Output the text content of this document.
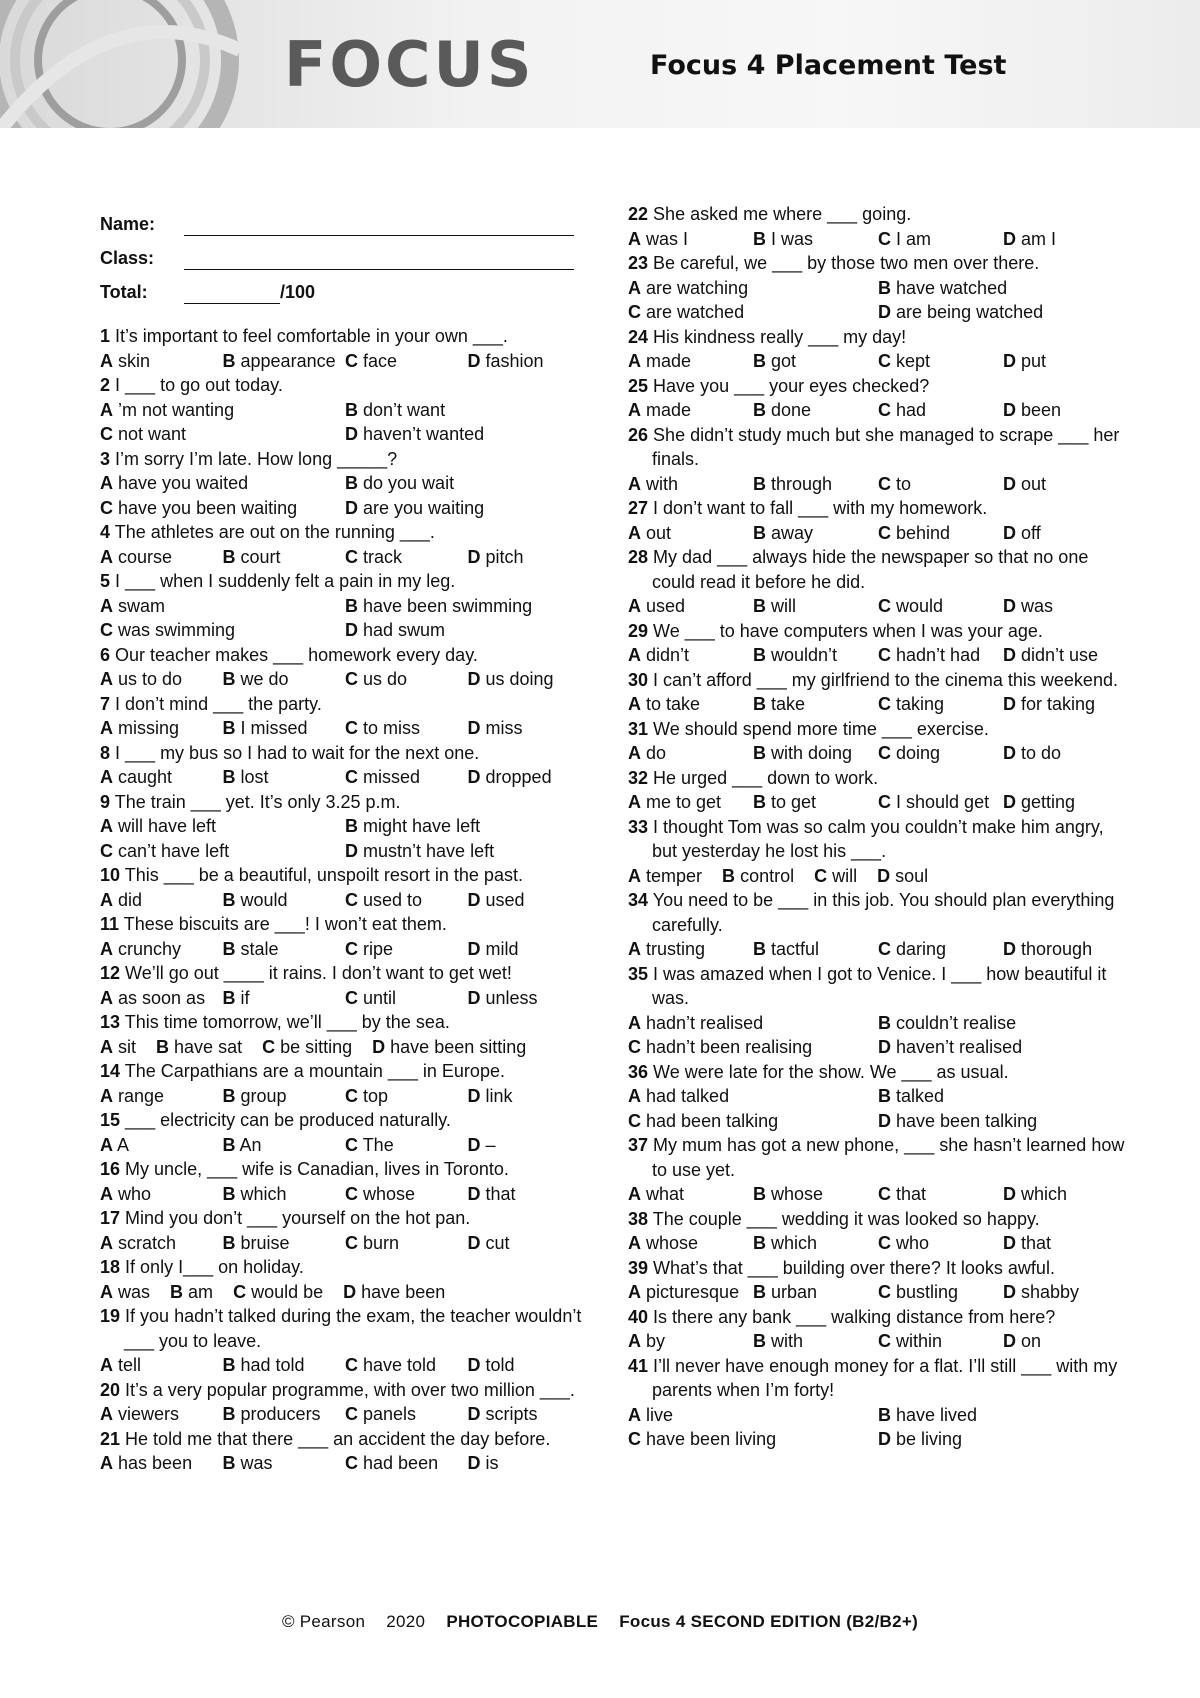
FOCUS	Focus 4 Placement Test
Name:
Class:
Total:	/100
1 It’s important to feel comfortable in your own ___.
A skin	B appearance C face	D fashion
2 I ___ to go out today.
A ’m not wanting	B don’t want
C not want	D haven’t wanted
3 I’m sorry I’m late. How long _____?
A have you waited	B do you wait
C have you been waiting	D are you waiting
4 The athletes are out on the running ___.
A course	B court	C track	D pitch
5 I ___ when I suddenly felt a pain in my leg.
A swam	B have been swimming
C was swimming	D had swum
6 Our teacher makes ___ homework every day.
A us to do	B we do	C us do	D us doing
7 I don’t mind ___ the party.
A missing	B I missed	C to miss	D miss
8 I ___ my bus so I had to wait for the next one.
A caught	B lost	C missed	D dropped
9 The train ___ yet. It’s only 3.25 p.m.
A will have left	B might have left
C can’t have left	D mustn’t have left
10 This ___ be a beautiful, unspoilt resort in the past.
A did	B would	C used to	D used
11 These biscuits are ___! I won’t eat them.
A crunchy	B stale	C ripe	D mild
12 We’ll go out ____ it rains. I don’t want to get wet!
A as soon as B if	C until	D unless
13 This time tomorrow, we’ll ___ by the sea.
A sit B have sat C be sitting D have been sitting
14 The Carpathians are a mountain ___ in Europe.
A range	B group	C top	D link
15 ___ electricity can be produced naturally.
A A	B An	C The	D –
16 My uncle, ___ wife is Canadian, lives in Toronto.
A who	B which	C whose	D that
17 Mind you don’t ___ yourself on the hot pan.
A scratch	B bruise	C burn	D cut
18 If only I___ on holiday.
A was B am C would be D have been
19 If you hadn’t talked during the exam, the teacher wouldn’t ___ you to leave.
A tell	B had told	C have told	D told
20 It’s a very popular programme, with over two million ___.
A viewers	B producers	C panels	D scripts
21 He told me that there ___ an accident the day before.
A has been	B was	C had been	D is
22 She asked me where ___ going.
A was I	B I was	C I am	D am I
23 Be careful, we ___ by those two men over there.
A are watching	B have watched
C are watched	D are being watched
24 His kindness really ___ my day!
A made	B got	C kept	D put
25 Have you ___ your eyes checked?
A made	B done	C had	D been
26 She didn’t study much but she managed to scrape ___ her finals.
A with	B through	C to	D out
27 I don’t want to fall ___ with my homework.
A out	B away	C behind	D off
28 My dad ___ always hide the newspaper so that no one could read it before he did.
A used	B will	C would	D was
29 We ___ to have computers when I was your age.
A didn’t	B wouldn’t	C hadn’t had	D didn’t use
30 I can’t afford ___ my girlfriend to the cinema this weekend.
A to take	B take	C taking	D for taking
31 We should spend more time ___ exercise.
A do	B with doing	C doing	D to do
32 He urged ___ down to work.
A me to get	B to get	C I should get D getting
33 I thought Tom was so calm you couldn’t make him angry, but yesterday he lost his ___.
A temper B control C will D soul
34 You need to be ___ in this job. You should plan everything carefully.
A trusting	B tactful	C daring	D thorough
35 I was amazed when I got to Venice. I ___ how beautiful it was.
A hadn’t realised	B couldn’t realise
C hadn’t been realising	D haven’t realised
36 We were late for the show. We ___ as usual.
A had talked	B talked
C had been talking	D have been talking
37 My mum has got a new phone, ___ she hasn’t learned how to use yet.
A what	B whose	C that	D which
38 The couple ___ wedding it was looked so happy.
A whose	B which	C who	D that
39 What’s that ___ building over there? It looks awful.
A picturesque B urban	C bustling	D shabby
40 Is there any bank ___ walking distance from here?
A by	B with	C within	D on
41 I’ll never have enough money for a flat. I’ll still ___ with my parents when I’m forty!
A live	B have lived
C have been living	D be living
© Pearson 2020 PHOTOCOPIABLE Focus 4 SECOND EDITION (B2/B2+)
